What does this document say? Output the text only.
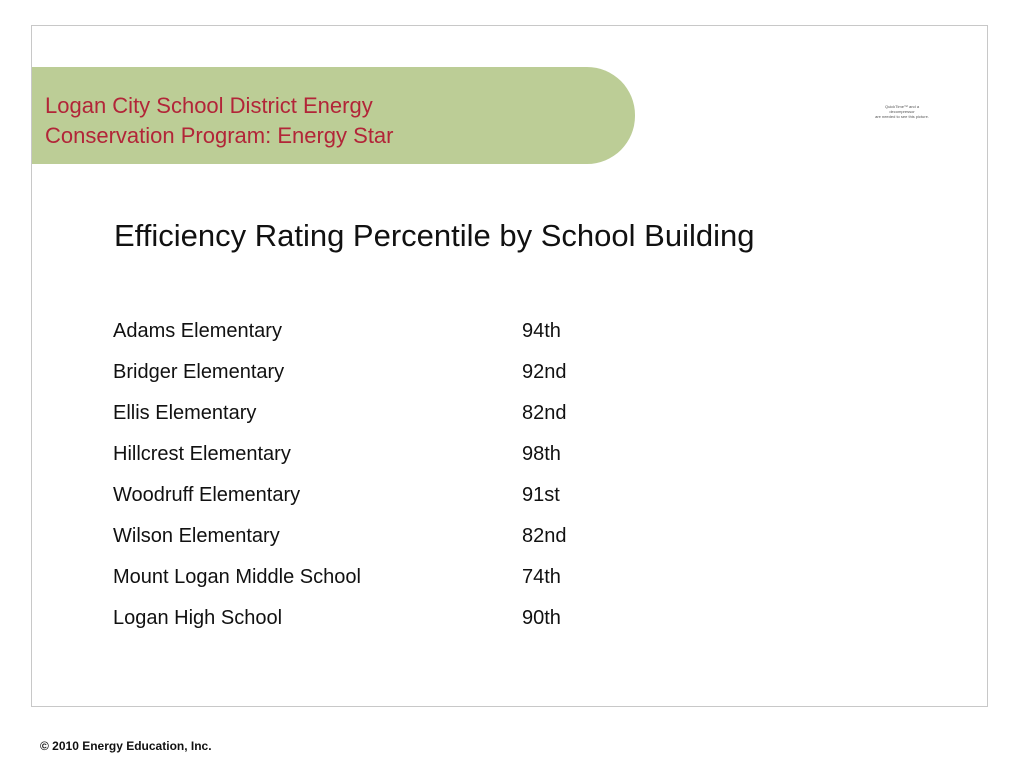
Logan City School District Energy
Conservation Program: Energy Star
QuickTime™ and a
decompressor
are needed to see this picture.
Efficiency Rating Percentile by School Building
Adams Elementary	94th
Bridger Elementary	92nd
Ellis Elementary	82nd
Hillcrest Elementary	98th
Woodruff Elementary	91st
Wilson Elementary	82nd
Mount Logan Middle School	74th
Logan High School	90th
© 2010 Energy Education, Inc.
